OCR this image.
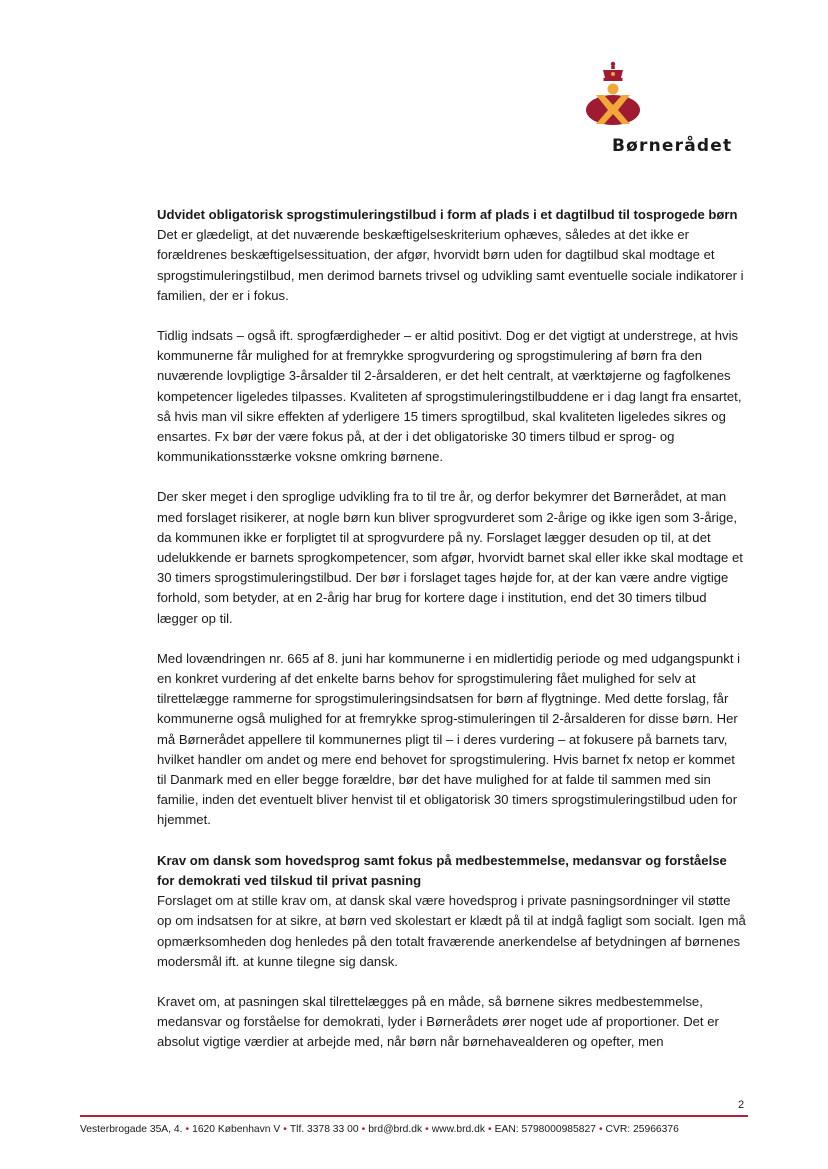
Børnerådet

Udvidet obligatorisk sprogstimuleringstilbud i form af plads i et dagtilbud til tosprogede børn

Det er glædeligt, at det nuværende beskæftigelseskriterium ophæves, således at det ikke er forældrenes beskæftigelsessituation, der afgør, hvorvidt børn uden for dagtilbud skal modtage et sprogstimuleringstilbud, men derimod barnets trivsel og udvikling samt eventuelle sociale indikatorer i familien, der er i fokus.

Tidlig indsats – også ift. sprogfærdigheder – er altid positivt. Dog er det vigtigt at understrege, at hvis kommunerne får mulighed for at fremrykke sprogvurdering og sprogstimulering af børn fra den nuværende lovpligtige 3-årsalder til 2-årsalderen, er det helt centralt, at værktøjerne og fagfolkenes kompetencer ligeledes tilpasses. Kvaliteten af sprogstimuleringstilbuddene er i dag langt fra ensartet, så hvis man vil sikre effekten af yderligere 15 timers sprogtilbud, skal kvaliteten ligeledes sikres og ensartes. Fx bør der være fokus på, at der i det obligatoriske 30 timers tilbud er sprog- og kommunikationsstærke voksne omkring børnene.

Der sker meget i den sproglige udvikling fra to til tre år, og derfor bekymrer det Børnerådet, at man med forslaget risikerer, at nogle børn kun bliver sprogvurderet som 2-årige og ikke igen som 3-årige, da kommunen ikke er forpligtet til at sprogvurdere på ny. Forslaget lægger desuden op til, at det udelukkende er barnets sprogkompetencer, som afgør, hvorvidt barnet skal eller ikke skal modtage et 30 timers sprogstimuleringstilbud. Der bør i forslaget tages højde for, at der kan være andre vigtige forhold, som betyder, at en 2-årig har brug for kortere dage i institution, end det 30 timers tilbud lægger op til.

Med lovændringen nr. 665 af 8. juni har kommunerne i en midlertidig periode og med udgangspunkt i en konkret vurdering af det enkelte barns behov for sprogstimulering fået mulighed for selv at tilrettelægge rammerne for sprogstimuleringsindsatsen for børn af flygtninge. Med dette forslag, får kommunerne også mulighed for at fremrykke sprog-stimuleringen til 2-årsalderen for disse børn. Her må Børnerådet appellere til kommunernes pligt til – i deres vurdering – at fokusere på barnets tarv, hvilket handler om andet og mere end behovet for sprogstimulering. Hvis barnet fx netop er kommet til Danmark med en eller begge forældre, bør det have mulighed for at falde til sammen med sin familie, inden det eventuelt bliver henvist til et obligatorisk 30 timers sprogstimuleringstilbud uden for hjemmet.

Krav om dansk som hovedsprog samt fokus på medbestemmelse, medansvar og forståelse for demokrati ved tilskud til privat pasning

Forslaget om at stille krav om, at dansk skal være hovedsprog i private pasningsordninger vil støtte op om indsatsen for at sikre, at børn ved skolestart er klædt på til at indgå fagligt som socialt. Igen må opmærksomheden dog henledes på den totalt fraværende anerkendelse af betydningen af børnenes modersmål ift. at kunne tilegne sig dansk.

Kravet om, at pasningen skal tilrettelægges på en måde, så børnene sikres medbestemmelse, medansvar og forståelse for demokrati, lyder i Børnerådets ører noget ude af proportioner. Det er absolut vigtige værdier at arbejde med, når børn når børnehavealderen og opefter, men

2
Vesterbrogade 35A, 4. • 1620 København V • Tlf. 3378 33 00 • brd@brd.dk • www.brd.dk • EAN: 5798000985827 • CVR: 25966376
